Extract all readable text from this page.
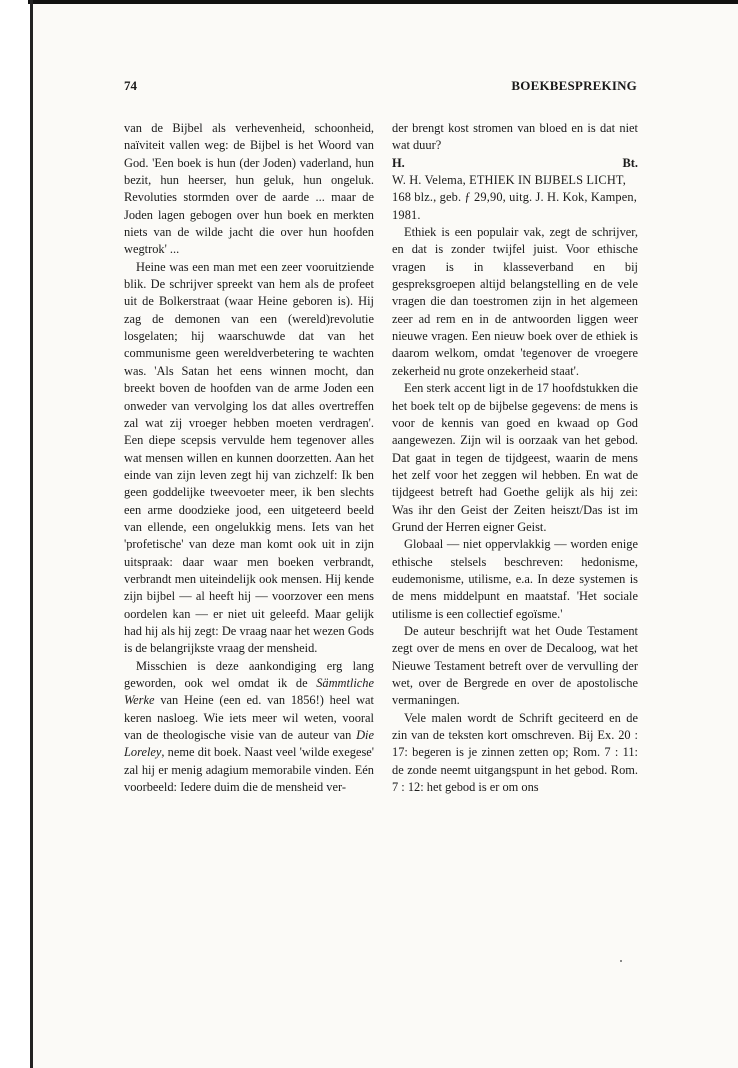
74	BOEKBESPREKING

van de Bijbel als verhevenheid, schoonheid, naïviteit vallen weg: de Bijbel is het Woord van God. 'Een boek is hun (der Joden) vaderland, hun bezit, hun heerser, hun geluk, hun ongeluk. Revoluties stormden over de aarde ... maar de Joden lagen gebogen over hun boek en merkten niets van de wilde jacht die over hun hoofden wegtrok' ...

Heine was een man met een zeer vooruitziende blik. De schrijver spreekt van hem als de profeet uit de Bolkerstraat (waar Heine geboren is). Hij zag de demonen van een (wereld)revolutie losgelaten; hij waarschuwde dat van het communisme geen wereldverbetering te wachten was. 'Als Satan het eens winnen mocht, dan breekt boven de hoofden van de arme Joden een onweder van vervolging los dat alles overtreffen zal wat zij vroeger hebben moeten verdragen'. Een diepe scepsis vervulde hem tegenover alles wat mensen willen en kunnen doorzetten. Aan het einde van zijn leven zegt hij van zichzelf: Ik ben geen goddelijke tweevoeter meer, ik ben slechts een arme doodzieke jood, een uitgeteerd beeld van ellende, een ongelukkig mens. Iets van het 'profetische' van deze man komt ook uit in zijn uitspraak: daar waar men boeken verbrandt, verbrandt men uiteindelijk ook mensen. Hij kende zijn bijbel — al heeft hij — voorzover een mens oordelen kan — er niet uit geleefd. Maar gelijk had hij als hij zegt: De vraag naar het wezen Gods is de belangrijkste vraag der mensheid.

Misschien is deze aankondiging erg lang geworden, ook wel omdat ik de Sämmtliche Werke van Heine (een ed. van 1856!) heel wat keren nasloeg. Wie iets meer wil weten, vooral van de theologische visie van de auteur van Die Loreley, neme dit boek. Naast veel 'wilde exegese' zal hij er menig adagium memorabile vinden. Eén voorbeeld: Iedere duim die de mensheid ver-

der brengt kost stromen van bloed en is dat niet wat duur?

H.	Bt.

W. H. Velema, ETHIEK IN BIJBELS LICHT, 168 blz., geb. ƒ 29,90, uitg. J. H. Kok, Kampen, 1981.

Ethiek is een populair vak, zegt de schrijver, en dat is zonder twijfel juist. Voor ethische vragen is in klasseverband en bij gespreksgroepen altijd belangstelling en de vele vragen die dan toestromen zijn in het algemeen zeer ad rem en in de antwoorden liggen weer nieuwe vragen. Een nieuw boek over de ethiek is daarom welkom, omdat 'tegenover de vroegere zekerheid nu grote onzekerheid staat'.

Een sterk accent ligt in de 17 hoofdstukken die het boek telt op de bijbelse gegevens: de mens is voor de kennis van goed en kwaad op God aangewezen. Zijn wil is oorzaak van het gebod. Dat gaat in tegen de tijdgeest, waarin de mens het zelf voor het zeggen wil hebben. En wat de tijdgeest betreft had Goethe gelijk als hij zei: Was ihr den Geist der Zeiten heiszt/Das ist im Grund der Herren eigner Geist.

Globaal — niet oppervlakkig — worden enige ethische stelsels beschreven: hedonisme, eudemonisme, utilisme, e.a. In deze systemen is de mens middelpunt en maatstaf. 'Het sociale utilisme is een collectief egoïsme.'

De auteur beschrijft wat het Oude Testament zegt over de mens en over de Decaloog, wat het Nieuwe Testament betreft over de vervulling der wet, over de Bergrede en over de apostolische vermaningen.

Vele malen wordt de Schrift geciteerd en de zin van de teksten kort omschreven. Bij Ex. 20 : 17: begeren is je zinnen zetten op; Rom. 7 : 11: de zonde neemt uitgangspunt in het gebod. Rom. 7 : 12: het gebod is er om ons
